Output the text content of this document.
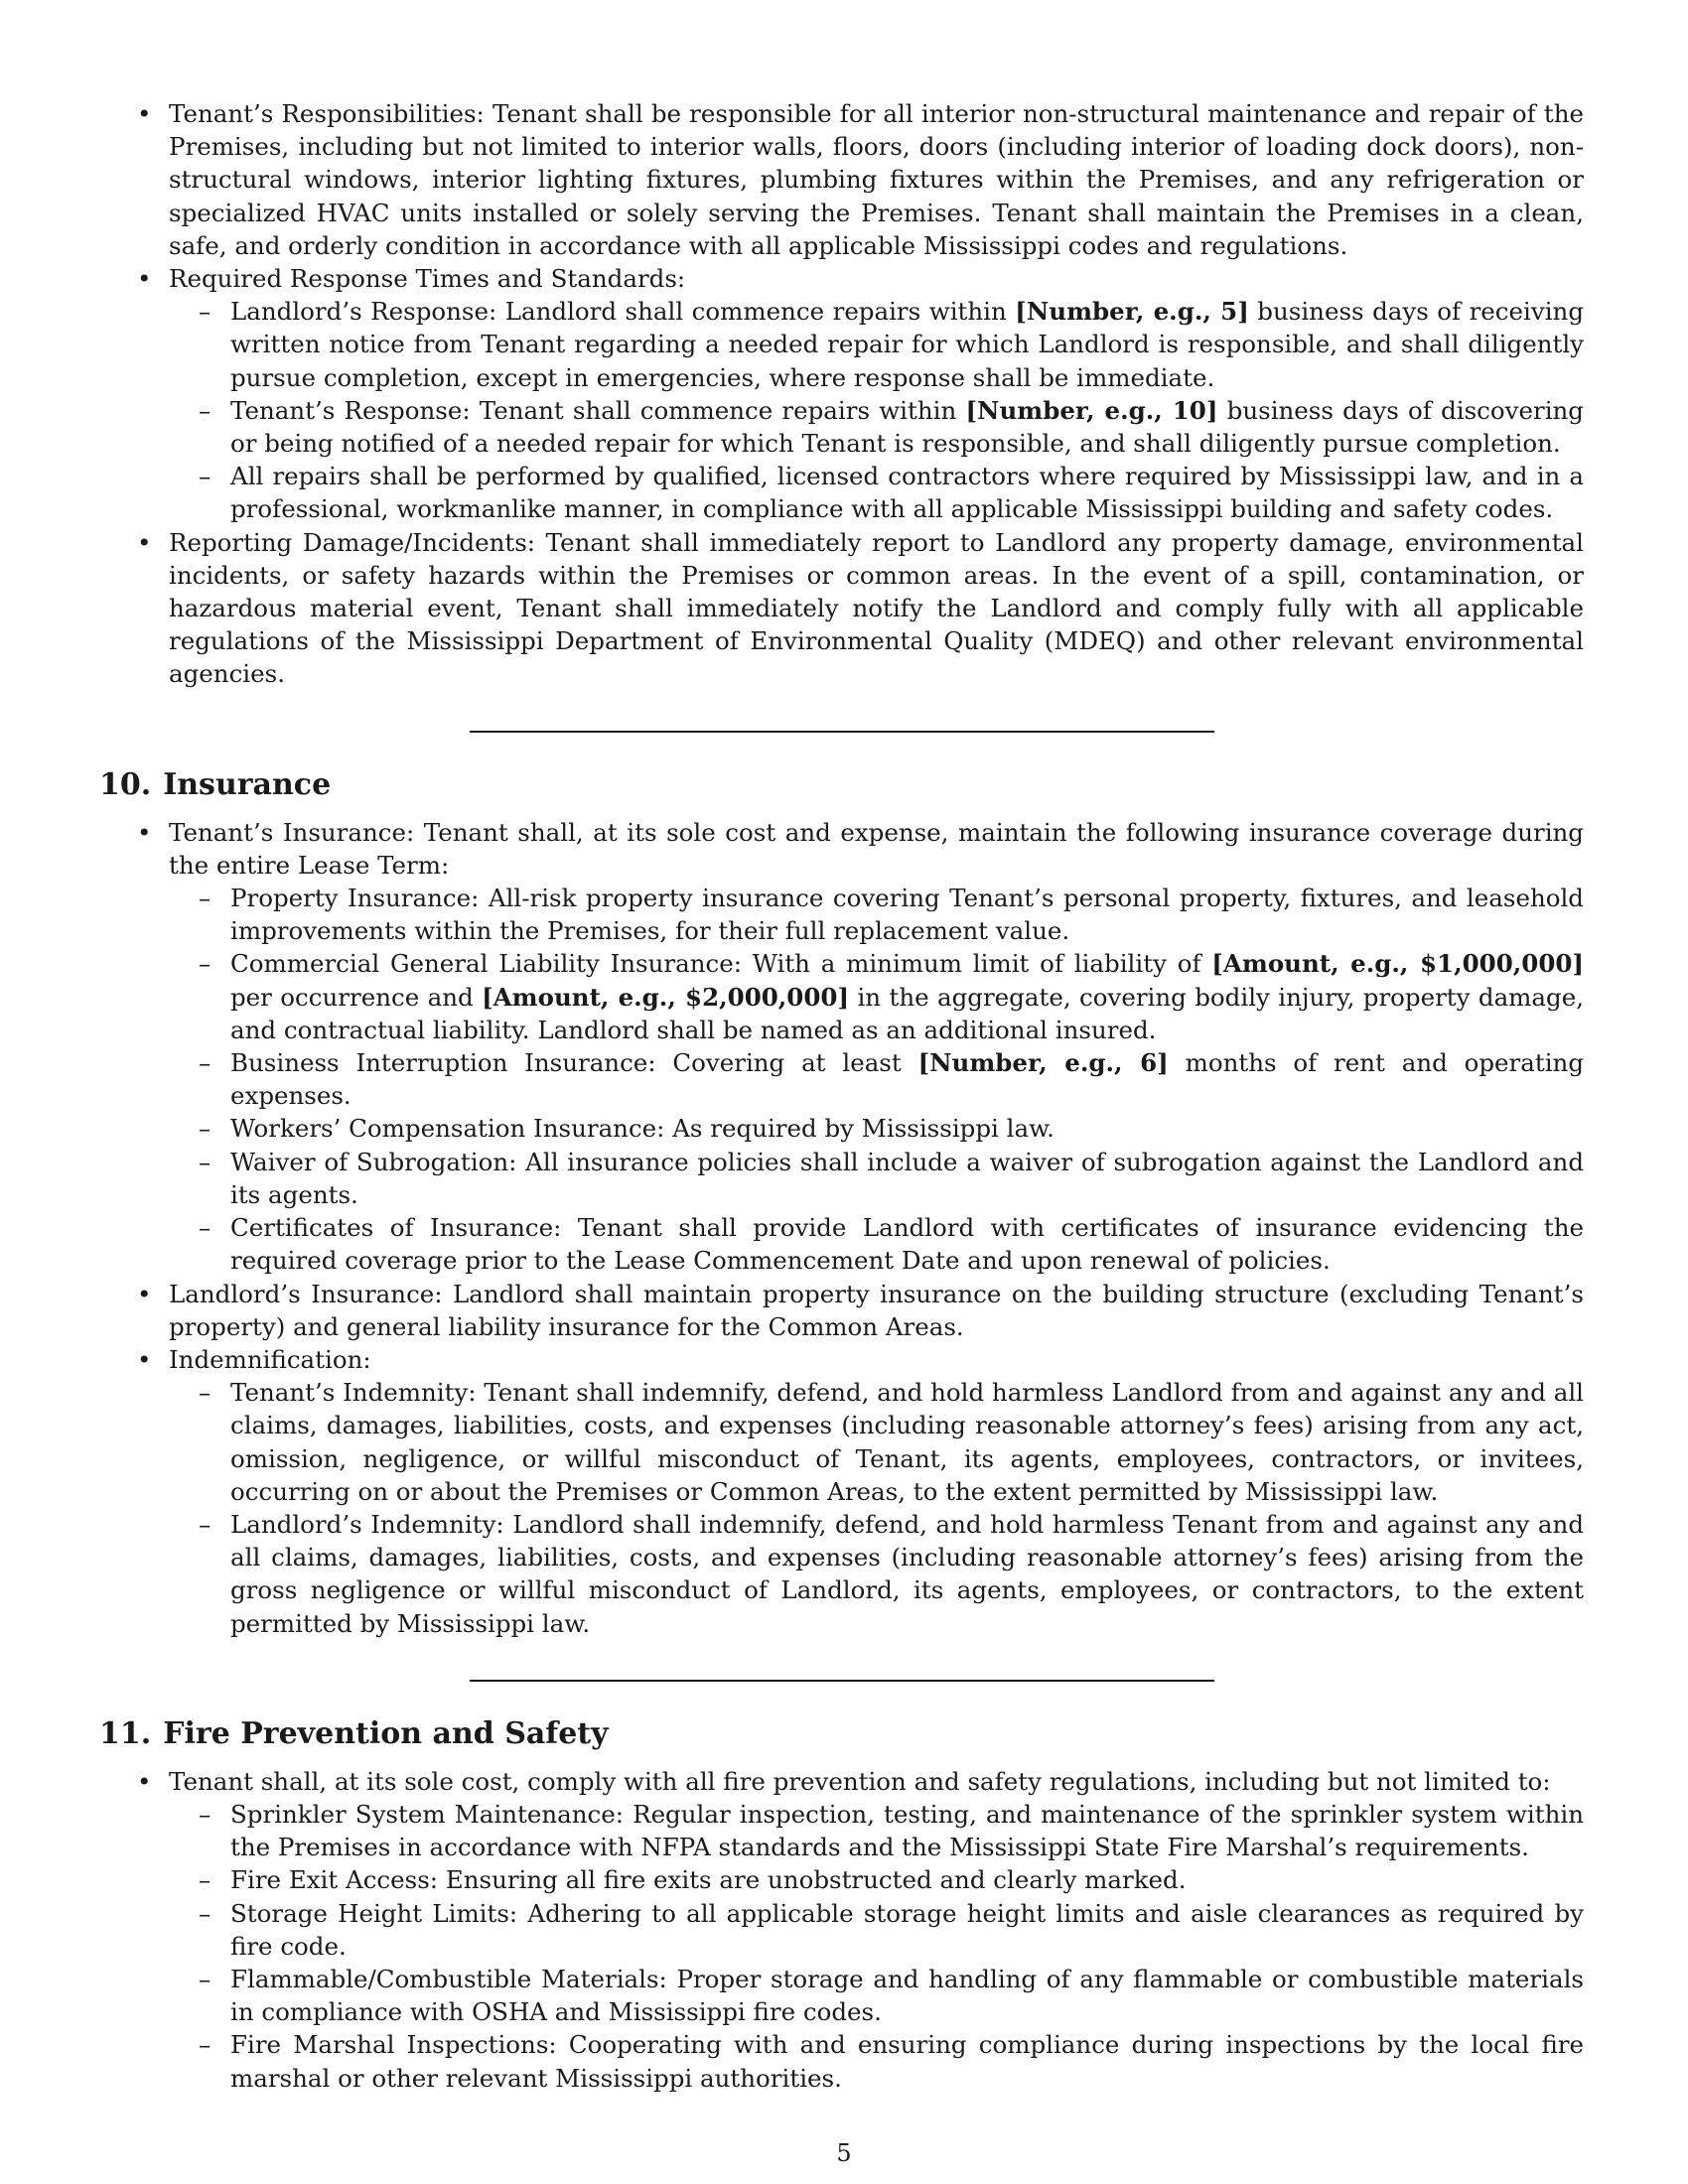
• Tenant’s Responsibilities: Tenant shall be responsible for all interior non-structural maintenance and repair of the Premises, including but not limited to interior walls, floors, doors (including interior of loading dock doors), non-structural windows, interior lighting fixtures, plumbing fixtures within the Premises, and any refrigeration or specialized HVAC units installed or solely serving the Premises. Tenant shall maintain the Premises in a clean, safe, and orderly condition in accordance with all applicable Mississippi codes and regulations.
• Required Response Times and Standards:
– Landlord’s Response: Landlord shall commence repairs within [Number, e.g., 5] business days of receiving written notice from Tenant regarding a needed repair for which Landlord is responsible, and shall diligently pursue completion, except in emergencies, where response shall be immediate.
– Tenant’s Response: Tenant shall commence repairs within [Number, e.g., 10] business days of discovering or being notified of a needed repair for which Tenant is responsible, and shall diligently pursue completion.
– All repairs shall be performed by qualified, licensed contractors where required by Mississippi law, and in a professional, workmanlike manner, in compliance with all applicable Mississippi building and safety codes.
• Reporting Damage/Incidents: Tenant shall immediately report to Landlord any property damage, environmental incidents, or safety hazards within the Premises or common areas. In the event of a spill, contamination, or hazardous material event, Tenant shall immediately notify the Landlord and comply fully with all applicable regulations of the Mississippi Department of Environmental Quality (MDEQ) and other relevant environmental agencies.
10. Insurance
• Tenant’s Insurance: Tenant shall, at its sole cost and expense, maintain the following insurance coverage during the entire Lease Term:
– Property Insurance: All-risk property insurance covering Tenant’s personal property, fixtures, and leasehold improvements within the Premises, for their full replacement value.
– Commercial General Liability Insurance: With a minimum limit of liability of [Amount, e.g., $1,000,000] per occurrence and [Amount, e.g., $2,000,000] in the aggregate, covering bodily injury, property damage, and contractual liability. Landlord shall be named as an additional insured.
– Business Interruption Insurance: Covering at least [Number, e.g., 6] months of rent and operating expenses.
– Workers’ Compensation Insurance: As required by Mississippi law.
– Waiver of Subrogation: All insurance policies shall include a waiver of subrogation against the Landlord and its agents.
– Certificates of Insurance: Tenant shall provide Landlord with certificates of insurance evidencing the required coverage prior to the Lease Commencement Date and upon renewal of policies.
• Landlord’s Insurance: Landlord shall maintain property insurance on the building structure (excluding Tenant’s property) and general liability insurance for the Common Areas.
• Indemnification:
– Tenant’s Indemnity: Tenant shall indemnify, defend, and hold harmless Landlord from and against any and all claims, damages, liabilities, costs, and expenses (including reasonable attorney’s fees) arising from any act, omission, negligence, or willful misconduct of Tenant, its agents, employees, contractors, or invitees, occurring on or about the Premises or Common Areas, to the extent permitted by Mississippi law.
– Landlord’s Indemnity: Landlord shall indemnify, defend, and hold harmless Tenant from and against any and all claims, damages, liabilities, costs, and expenses (including reasonable attorney’s fees) arising from the gross negligence or willful misconduct of Landlord, its agents, employees, or contractors, to the extent permitted by Mississippi law.
11. Fire Prevention and Safety
• Tenant shall, at its sole cost, comply with all fire prevention and safety regulations, including but not limited to:
– Sprinkler System Maintenance: Regular inspection, testing, and maintenance of the sprinkler system within the Premises in accordance with NFPA standards and the Mississippi State Fire Marshal’s requirements.
– Fire Exit Access: Ensuring all fire exits are unobstructed and clearly marked.
– Storage Height Limits: Adhering to all applicable storage height limits and aisle clearances as required by fire code.
– Flammable/Combustible Materials: Proper storage and handling of any flammable or combustible materials in compliance with OSHA and Mississippi fire codes.
– Fire Marshal Inspections: Cooperating with and ensuring compliance during inspections by the local fire marshal or other relevant Mississippi authorities.
5
